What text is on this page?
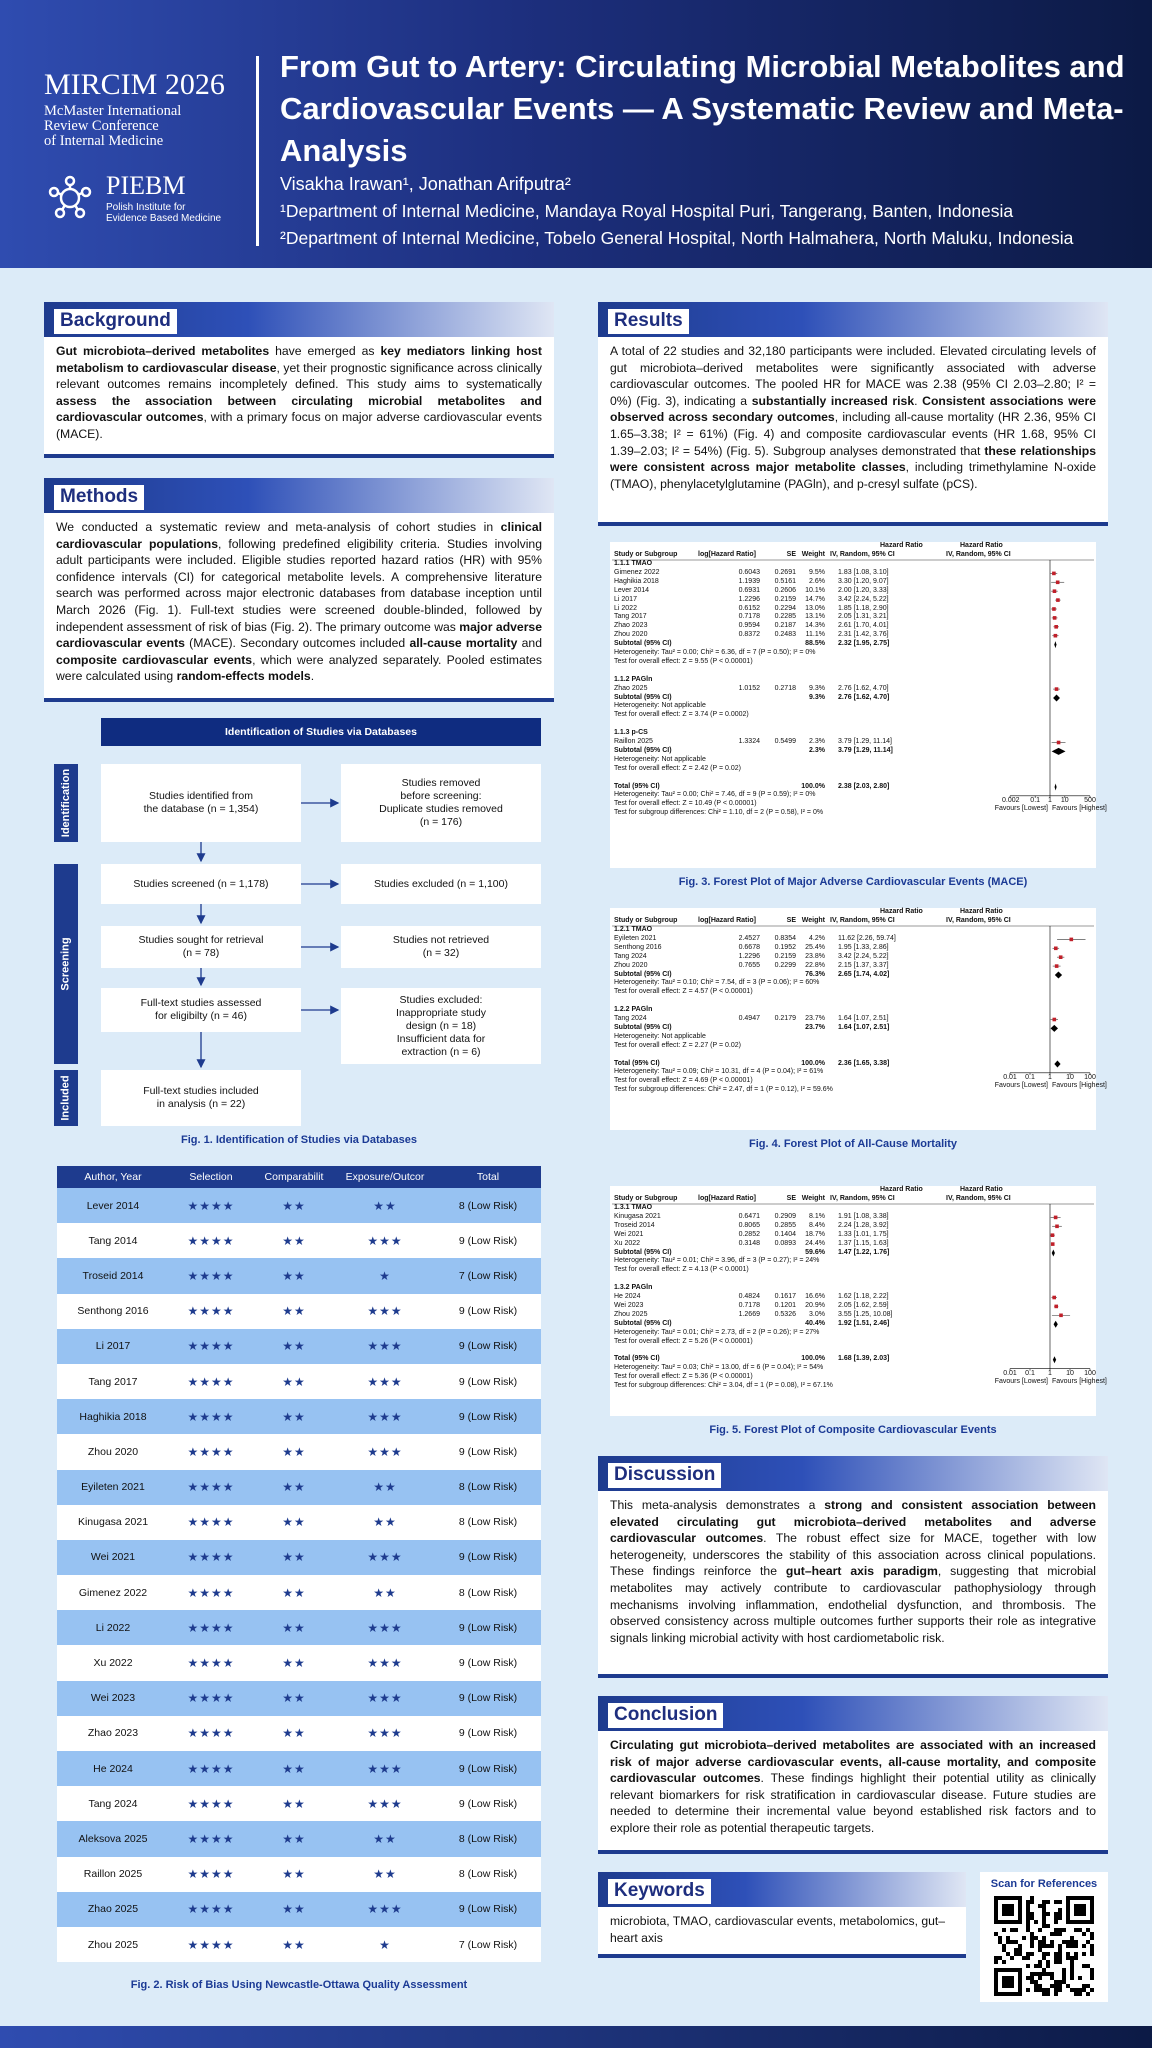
MIRCIM 2026
McMaster International
Review Conference
of Internal Medicine
PIEBM
Polish Institute for
Evidence Based Medicine
From Gut to Artery: Circulating Microbial Metabolites and Cardiovascular Events — A Systematic Review and Meta-Analysis
Visakha Irawan¹, Jonathan Arifputra²
¹Department of Internal Medicine, Mandaya Royal Hospital Puri, Tangerang, Banten, Indonesia
²Department of Internal Medicine, Tobelo General Hospital, North Halmahera, North Maluku, Indonesia
Background
Gut microbiota–derived metabolites have emerged as key mediators linking host metabolism to cardiovascular disease, yet their prognostic significance across clinically relevant outcomes remains incompletely defined. This study aims to systematically assess the association between circulating microbial metabolites and cardiovascular outcomes, with a primary focus on major adverse cardiovascular events (MACE).
Methods
We conducted a systematic review and meta-analysis of cohort studies in clinical cardiovascular populations, following predefined eligibility criteria. Studies involving adult participants were included. Eligible studies reported hazard ratios (HR) with 95% confidence intervals (CI) for categorical metabolite levels. A comprehensive literature search was performed across major electronic databases from database inception until March 2026 (Fig. 1). Full-text studies were screened double-blinded, followed by independent assessment of risk of bias (Fig. 2). The primary outcome was major adverse cardiovascular events (MACE). Secondary outcomes included all-cause mortality and composite cardiovascular events, which were analyzed separately. Pooled estimates were calculated using random-effects models.
Identification of Studies via Databases
Identification
Screening
Included
Studies identified from
the database (n = 1,354)
Studies removed
before screening:
Duplicate studies removed
(n = 176)
Studies screened (n = 1,178)	Studies excluded (n = 1,100)
Studies sought for retrieval
(n = 78)
Studies not retrieved
(n = 32)
Full-text studies assessed
for eligibilty (n = 46)
Studies excluded:
Inappropriate study
design (n = 18)
Insufficient data for
extraction (n = 6)
Full-text studies included
in analysis (n = 22)
Fig. 1. Identification of Studies via Databases
Author, Year	Selection	Comparabilit	Exposure/Outcor	Total
Lever 2014	★★★★	★★	★★	8 (Low Risk)
Tang 2014	★★★★	★★	★★★	9 (Low Risk)
Troseid 2014	★★★★	★★	★	7 (Low Risk)
Senthong 2016	★★★★	★★	★★★	9 (Low Risk)
Li 2017	★★★★	★★	★★★	9 (Low Risk)
Tang 2017	★★★★	★★	★★★	9 (Low Risk)
Haghikia 2018	★★★★	★★	★★★	9 (Low Risk)
Zhou 2020	★★★★	★★	★★★	9 (Low Risk)
Eyileten 2021	★★★★	★★	★★	8 (Low Risk)
Kinugasa 2021	★★★★	★★	★★	8 (Low Risk)
Wei 2021	★★★★	★★	★★★	9 (Low Risk)
Gimenez 2022	★★★★	★★	★★	8 (Low Risk)
Li 2022	★★★★	★★	★★★	9 (Low Risk)
Xu 2022	★★★★	★★	★★★	9 (Low Risk)
Wei 2023	★★★★	★★	★★★	9 (Low Risk)
Zhao 2023	★★★★	★★	★★★	9 (Low Risk)
He 2024	★★★★	★★	★★★	9 (Low Risk)
Tang 2024	★★★★	★★	★★★	9 (Low Risk)
Aleksova 2025	★★★★	★★	★★	8 (Low Risk)
Raillon 2025	★★★★	★★	★★	8 (Low Risk)
Zhao 2025	★★★★	★★	★★★	9 (Low Risk)
Zhou 2025	★★★★	★★	★	7 (Low Risk)
Fig. 2. Risk of Bias Using Newcastle-Ottawa Quality Assessment
Results
A total of 22 studies and 32,180 participants were included. Elevated circulating levels of gut microbiota–derived metabolites were significantly associated with adverse cardiovascular outcomes. The pooled HR for MACE was 2.38 (95% CI 2.03–2.80; I² = 0%) (Fig. 3), indicating a substantially increased risk. Consistent associations were observed across secondary outcomes, including all-cause mortality (HR 2.36, 95% CI 1.65–3.38; I² = 61%) (Fig. 4) and composite cardiovascular events (HR 1.68, 95% CI 1.39–2.03; I² = 54%) (Fig. 5). Subgroup analyses demonstrated that these relationships were consistent across major metabolite classes, including trimethylamine N-oxide (TMAO), phenylacetylglutamine (PAGln), and p-cresyl sulfate (pCS).
Hazard Ratio	Hazard Ratio
Study or Subgroup	log[Hazard Ratio]	SE Weight IV, Random, 95% CI	IV, Random, 95% CI
1.1.1 TMAO
Gimenez 2022	0.6043 0.2691 9.5% 1.83 [1.08, 3.10]
Haghikia 2018	1.1939 0.5161 2.6% 3.30 [1.20, 9.07]
Lever 2014	0.6931 0.2606 10.1% 2.00 [1.20, 3.33]
Li 2017	1.2296 0.2159 14.7% 3.42 [2.24, 5.22]
Li 2022	0.6152 0.2294 13.0% 1.85 [1.18, 2.90]
Tang 2017	0.7178 0.2285 13.1% 2.05 [1.31, 3.21]
Zhao 2023	0.9594 0.2187 14.3% 2.61 [1.70, 4.01]
Zhou 2020	0.8372 0.2483 11.1% 2.31 [1.42, 3.76]
Subtotal (95% CI)	88.5% 2.32 [1.95, 2.75]
Heterogeneity: Tau² = 0.00; Chi² = 6.36, df = 7 (P = 0.50); I² = 0%
Test for overall effect: Z = 9.55 (P < 0.00001)
1.1.2 PAGln
Zhao 2025	1.0152 0.2718 9.3% 2.76 [1.62, 4.70]
Subtotal (95% CI)	9.3% 2.76 [1.62, 4.70]
Heterogeneity: Not applicable
Test for overall effect: Z = 3.74 (P = 0.0002)
1.1.3 p-CS
Raillon 2025	1.3324 0.5499 2.3% 3.79 [1.29, 11.14]
Subtotal (95% CI)	2.3% 3.79 [1.29, 11.14]
Heterogeneity: Not applicable
Test for overall effect: Z = 2.42 (P = 0.02)
Total (95% CI)	100.0% 2.38 [2.03, 2.80]
Heterogeneity: Tau² = 0.00; Chi² = 7.46, df = 9 (P = 0.59); I² = 0%
Test for overall effect: Z = 10.49 (P < 0.00001)
Test for subgroup differences: Chi² = 1.10, df = 2 (P = 0.58), I² = 0%
0.002	0.1	1	10	500
Favours [Lowest] Favours [Highest]
Fig. 3. Forest Plot of Major Adverse Cardiovascular Events (MACE)
Hazard Ratio	Hazard Ratio
Study or Subgroup	log[Hazard Ratio]	SE Weight IV, Random, 95% CI	IV, Random, 95% CI
1.2.1 TMAO
Eyileten 2021	2.4527 0.8354 4.2% 11.62 [2.26, 59.74]
Senthong 2016	0.6678 0.1952 25.4% 1.95 [1.33, 2.86]
Tang 2024	1.2296 0.2159 23.8% 3.42 [2.24, 5.22]
Zhou 2020	0.7655 0.2299 22.8% 2.15 [1.37, 3.37]
Subtotal (95% CI)	76.3% 2.65 [1.74, 4.02]
Heterogeneity: Tau² = 0.10; Chi² = 7.54, df = 3 (P = 0.06); I² = 60%
Test for overall effect: Z = 4.57 (P < 0.00001)
1.2.2 PAGln
Tang 2024	0.4947 0.2179 23.7% 1.64 [1.07, 2.51]
Subtotal (95% CI)	23.7% 1.64 [1.07, 2.51]
Heterogeneity: Not applicable
Test for overall effect: Z = 2.27 (P = 0.02)
Total (95% CI)	100.0% 2.36 [1.65, 3.38]
Heterogeneity: Tau² = 0.09; Chi² = 10.31, df = 4 (P = 0.04); I² = 61%
Test for overall effect: Z = 4.69 (P < 0.00001)
Test for subgroup differences: Chi² = 2.47, df = 1 (P = 0.12), I² = 59.6%
0.01	0.1	1	10	100
Favours [Lowest] Favours [Highest]
Fig. 4. Forest Plot of All-Cause Mortality
Hazard Ratio	Hazard Ratio
Study or Subgroup	log[Hazard Ratio]	SE Weight IV, Random, 95% CI	IV, Random, 95% CI
1.3.1 TMAO
Kinugasa 2021	0.6471 0.2909 8.1% 1.91 [1.08, 3.38]
Troseid 2014	0.8065 0.2855 8.4% 2.24 [1.28, 3.92]
Wei 2021	0.2852 0.1404 18.7% 1.33 [1.01, 1.75]
Xu 2022	0.3148 0.0893 24.4% 1.37 [1.15, 1.63]
Subtotal (95% CI)	59.6% 1.47 [1.22, 1.76]
Heterogeneity: Tau² = 0.01; Chi² = 3.96, df = 3 (P = 0.27); I² = 24%
Test for overall effect: Z = 4.13 (P < 0.0001)
1.3.2 PAGln
He 2024	0.4824 0.1617 16.6% 1.62 [1.18, 2.22]
Wei 2023	0.7178 0.1201 20.9% 2.05 [1.62, 2.59]
Zhou 2025	1.2669 0.5326 3.0% 3.55 [1.25, 10.08]
Subtotal (95% CI)	40.4% 1.92 [1.51, 2.46]
Heterogeneity: Tau² = 0.01; Chi² = 2.73, df = 2 (P = 0.26); I² = 27%
Test for overall effect: Z = 5.26 (P < 0.00001)
Total (95% CI)	100.0% 1.68 [1.39, 2.03]
Heterogeneity: Tau² = 0.03; Chi² = 13.00, df = 6 (P = 0.04); I² = 54%
Test for overall effect: Z = 5.36 (P < 0.00001)
Test for subgroup differences: Chi² = 3.04, df = 1 (P = 0.08), I² = 67.1%
0.01	0.1	1	10	100
Favours [Lowest] Favours [Highest]
Fig. 5. Forest Plot of Composite Cardiovascular Events
Discussion
This meta-analysis demonstrates a strong and consistent association between elevated circulating gut microbiota–derived metabolites and adverse cardiovascular outcomes. The robust effect size for MACE, together with low heterogeneity, underscores the stability of this association across clinical populations. These findings reinforce the gut–heart axis paradigm, suggesting that microbial metabolites may actively contribute to cardiovascular pathophysiology through mechanisms involving inflammation, endothelial dysfunction, and thrombosis. The observed consistency across multiple outcomes further supports their role as integrative signals linking microbial activity with host cardiometabolic risk.
Conclusion
Circulating gut microbiota–derived metabolites are associated with an increased risk of major adverse cardiovascular events, all-cause mortality, and composite cardiovascular outcomes. These findings highlight their potential utility as clinically relevant biomarkers for risk stratification in cardiovascular disease. Future studies are needed to determine their incremental value beyond established risk factors and to explore their role as potential therapeutic targets.
Keywords
microbiota, TMAO, cardiovascular events, metabolomics, gut–heart axis
Scan for References
